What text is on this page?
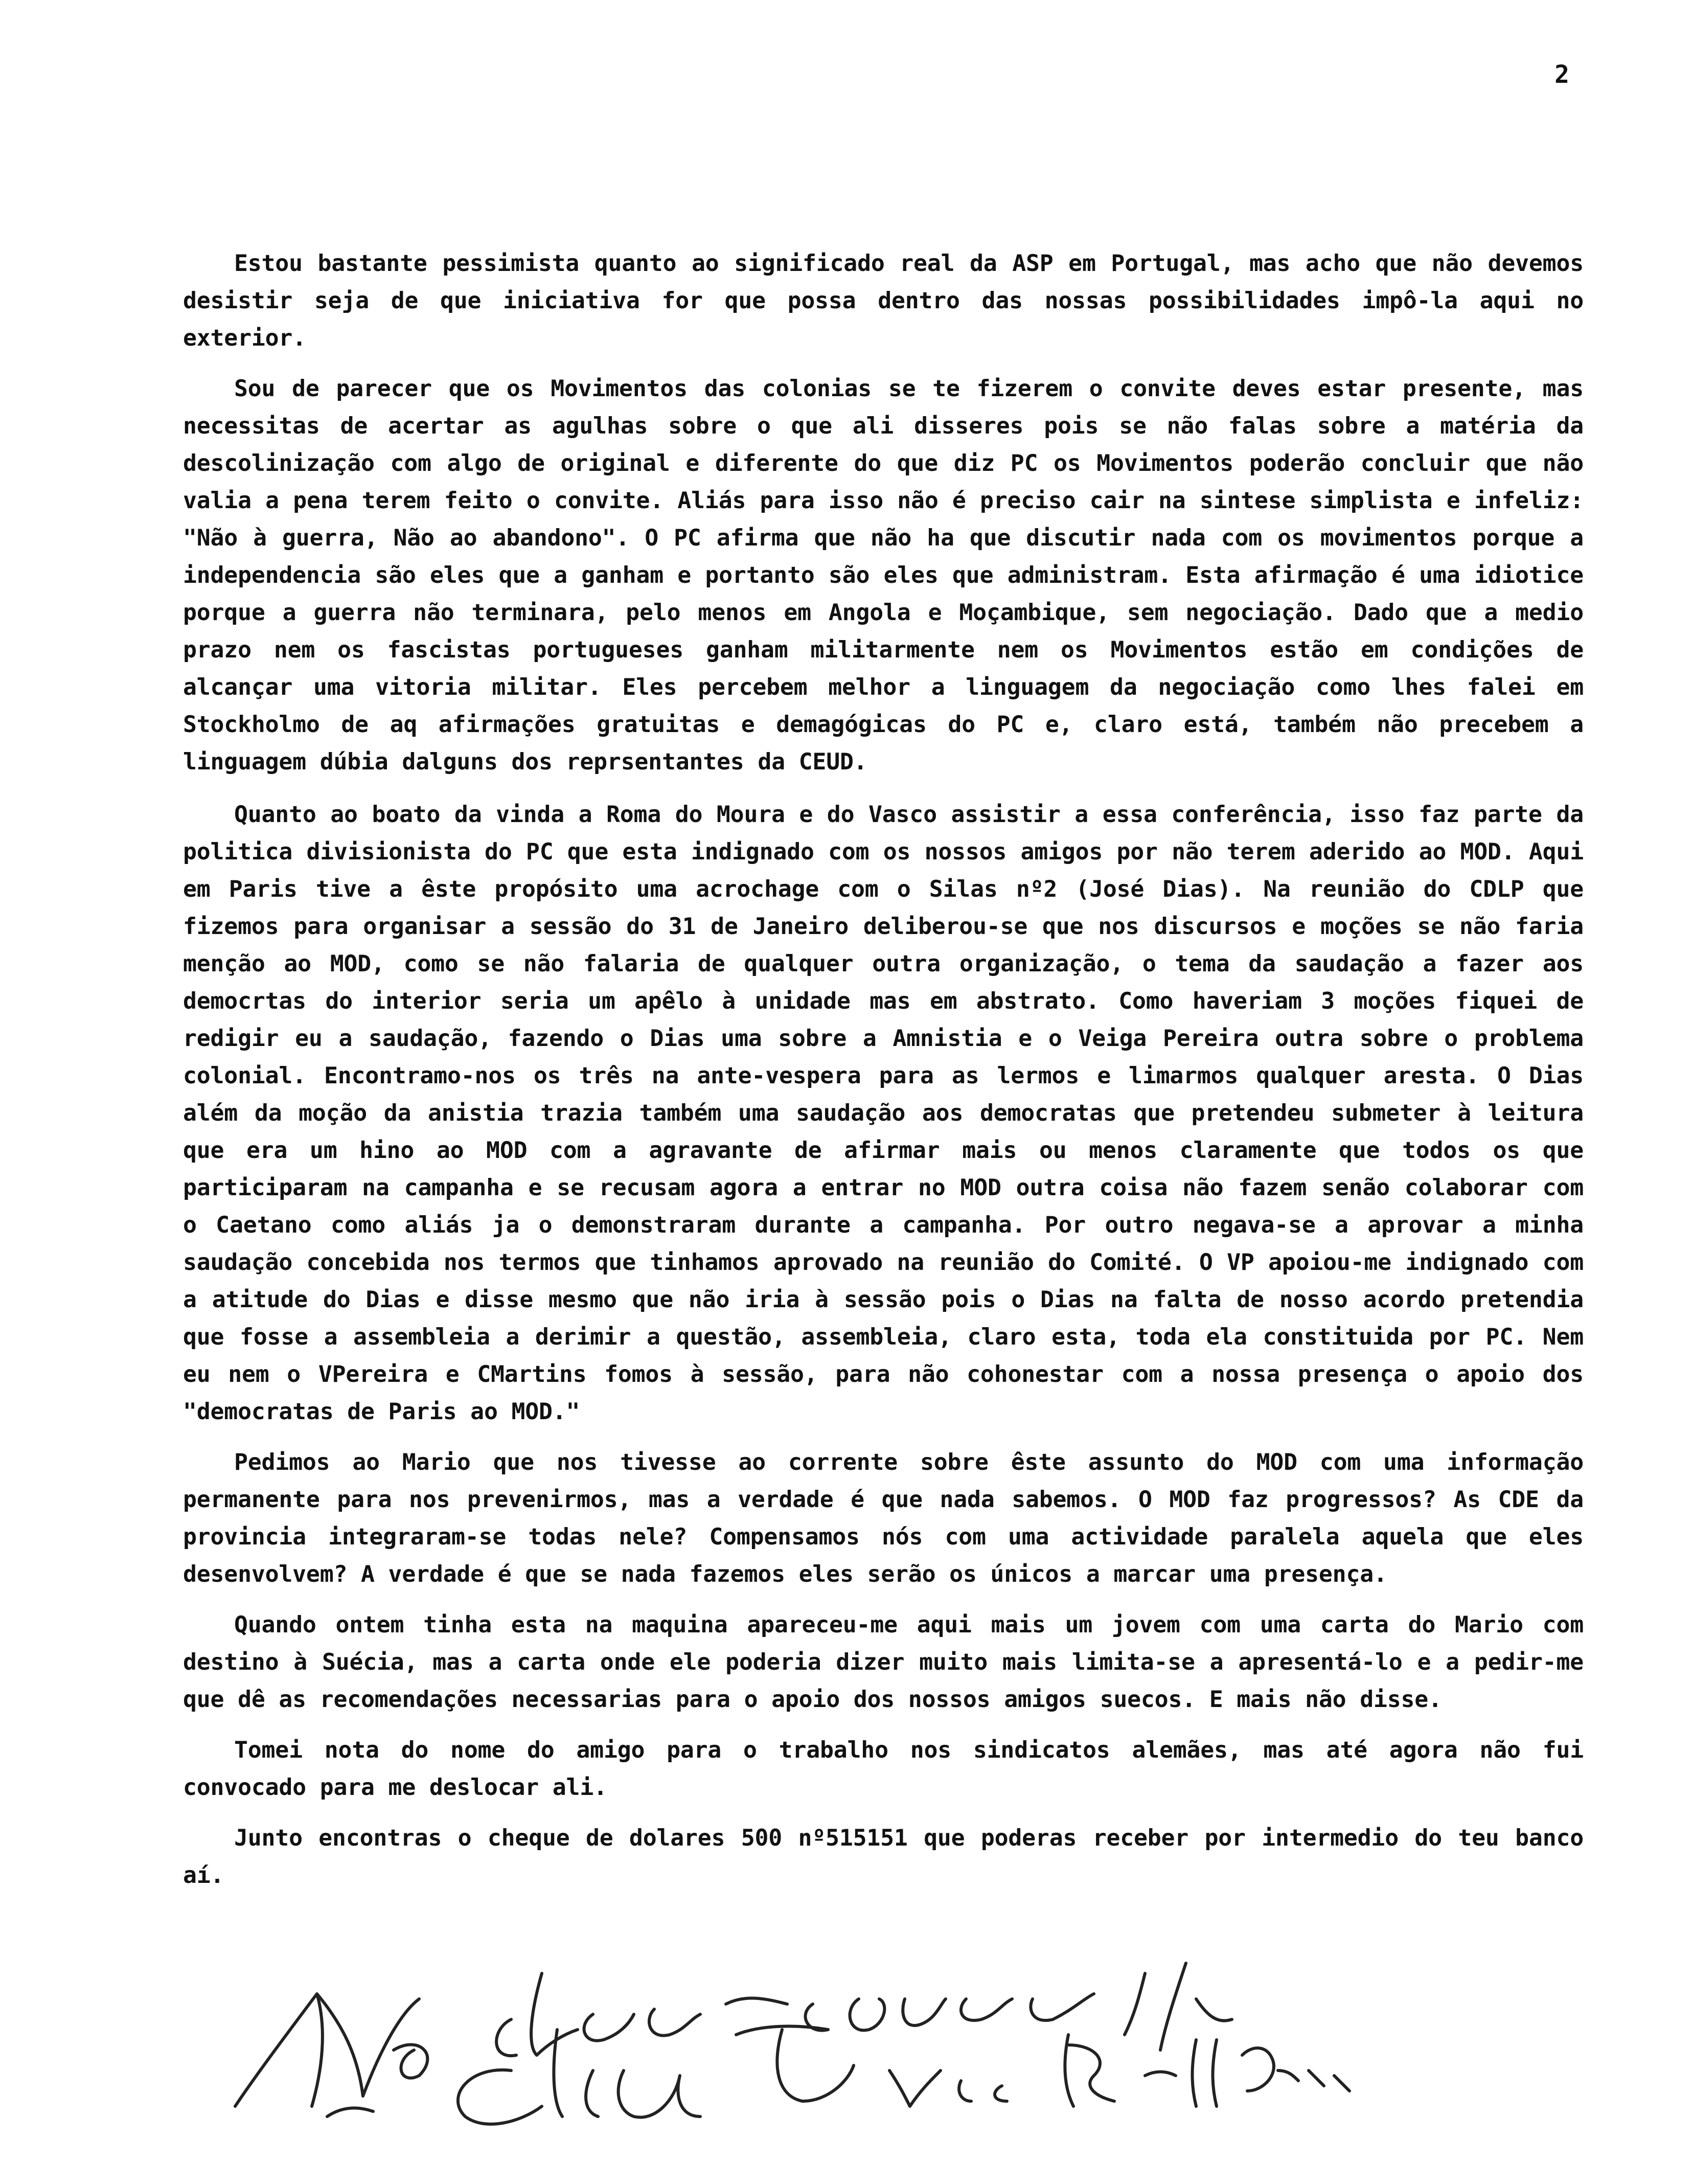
2

Estou bastante pessimista quanto ao significado real da ASP em Portugal, mas acho que não devemos desistir seja de que iniciativa for que possa dentro das nossas possibilidades impô-la aqui no exterior.

Sou de parecer que os Movimentos das colonias se te fizerem o convite deves estar presente, mas necessitas de acertar as agulhas sobre o que ali disseres pois se não falas sobre a matéria da descolinização com algo de original e diferente do que diz PC os Movimentos poderão concluir que não valia a pena terem feito o convite. Aliás para isso não é preciso cair na sintese simplista e infeliz: "Não à guerra, Não ao abandono". O PC afirma que não ha que discutir nada com os movimentos porque a independencia são eles que a ganham e portanto são eles que administram. Esta afirmação é uma idiotice porque a guerra não terminara, pelo menos em Angola e Moçambique, sem negociação. Dado que a medio prazo nem os fascistas portugueses ganham militarmente nem os Movimentos estão em condições de alcançar uma vitoria militar. Eles percebem melhor a linguagem da negociação como lhes falei em Stockholmo de aq afirmações gratuitas e demagógicas do PC e, claro está, também não precebem a linguagem dúbia dalguns dos reprsentantes da CEUD.

Quanto ao boato da vinda a Roma do Moura e do Vasco assistir a essa conferência, isso faz parte da politica divisionista do PC que esta indignado com os nossos amigos por não terem aderido ao MOD. Aqui em Paris tive a êste propósito uma acrochage com o Silas nº2 (José Dias). Na reunião do CDLP que fizemos para organisar a sessão do 31 de Janeiro deliberou-se que nos discursos e moções se não faria menção ao MOD, como se não falaria de qualquer outra organização, o tema da saudação a fazer aos democrtas do interior seria um apêlo à unidade mas em abstrato. Como haveriam 3 moções fiquei de redigir eu a saudação, fazendo o Dias uma sobre a Amnistia e o Veiga Pereira outra sobre o problema colonial. Encontramo-nos os três na ante-vespera para as lermos e limarmos qualquer aresta. O Dias além da moção da anistia trazia também uma saudação aos democratas que pretendeu submeter à leitura que era um hino ao MOD com a agravante de afirmar mais ou menos claramente que todos os que participaram na campanha e se recusam agora a entrar no MOD outra coisa não fazem senão colaborar com o Caetano como aliás ja o demonstraram durante a campanha. Por outro negava-se a aprovar a minha saudação concebida nos termos que tinhamos aprovado na reunião do Comité. O VP apoiou-me indignado com a atitude do Dias e disse mesmo que não iria à sessão pois o Dias na falta de nosso acordo pretendia que fosse a assembleia a derimir a questão, assembleia, claro esta, toda ela constituida por PC. Nem eu nem o VPereira e CMartins fomos à sessão, para não cohonestar com a nossa presença o apoio dos "democratas de Paris ao MOD."

Pedimos ao Mario que nos tivesse ao corrente sobre êste assunto do MOD com uma informação permanente para nos prevenirmos, mas a verdade é que nada sabemos. O MOD faz progressos? As CDE da provincia integraram-se todas nele? Compensamos nós com uma actividade paralela aquela que eles desenvolvem? A verdade é que se nada fazemos eles serão os únicos a marcar uma presença.

Quando ontem tinha esta na maquina apareceu-me aqui mais um jovem com uma carta do Mario com destino à Suécia, mas a carta onde ele poderia dizer muito mais limita-se a apresentá-lo e a pedir-me que dê as recomendações necessarias para o apoio dos nossos amigos suecos. E mais não disse.

Tomei nota do nome do amigo para o trabalho nos sindicatos alemães, mas até agora não fui convocado para me deslocar ali.

Junto encontras o cheque de dolares 500 nº515151 que poderas receber por intermedio do teu banco aí.
